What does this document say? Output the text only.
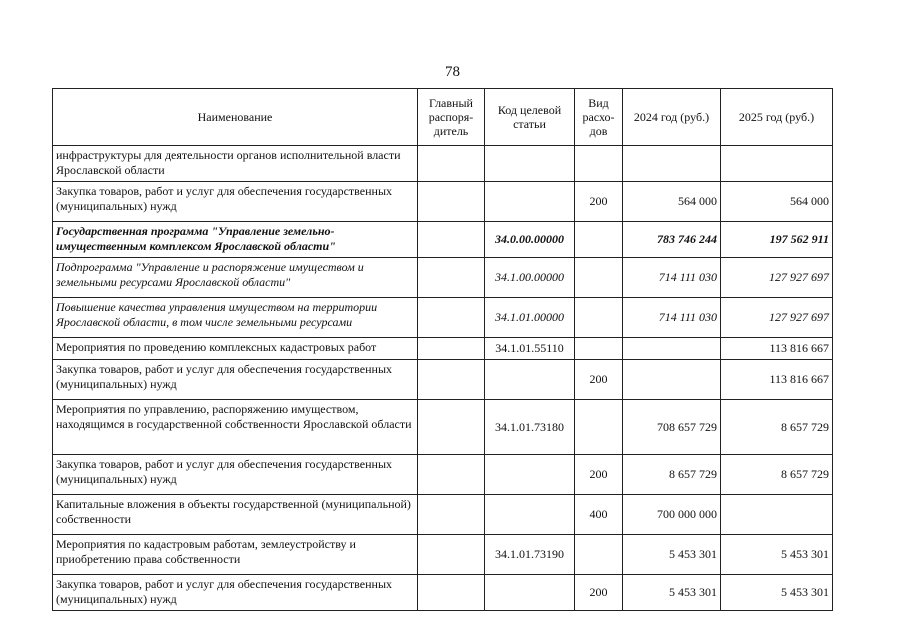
78
Наименование	Главный распоря-дитель	Код целевой статьи	Вид расхо-дов	2024 год (руб.)	2025 год (руб.)
инфраструктуры для деятельности органов исполнительной власти Ярославской области					
Закупка товаров, работ и услуг для обеспечения государственных (муниципальных) нужд			200	564 000	564 000
Государственная программа "Управление земельно-имущественным комплексом Ярославской области"		34.0.00.00000		783 746 244	197 562 911
Подпрограмма "Управление и распоряжение имуществом и земельными ресурсами Ярославской области"		34.1.00.00000		714 111 030	127 927 697
Повышение качества управления имуществом на территории Ярославской области, в том числе земельными ресурсами		34.1.01.00000		714 111 030	127 927 697
Мероприятия по проведению комплексных кадастровых работ		34.1.01.55110			113 816 667
Закупка товаров, работ и услуг для обеспечения государственных (муниципальных) нужд			200		113 816 667
Мероприятия по управлению, распоряжению имуществом, находящимся в государственной собственности Ярославской области		34.1.01.73180		708 657 729	8 657 729
Закупка товаров, работ и услуг для обеспечения государственных (муниципальных) нужд			200	8 657 729	8 657 729
Капитальные вложения в объекты государственной (муниципальной) собственности			400	700 000 000	
Мероприятия по кадастровым работам, землеустройству и приобретению права собственности		34.1.01.73190		5 453 301	5 453 301
Закупка товаров, работ и услуг для обеспечения государственных (муниципальных) нужд			200	5 453 301	5 453 301
